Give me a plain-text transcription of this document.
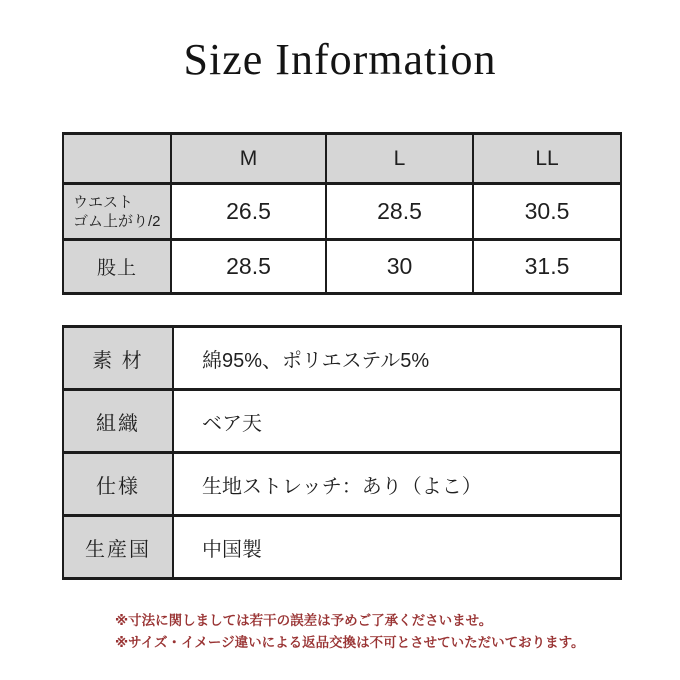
Size Information
	M	L	LL

ウエスト
ゴム上がり/2	26.5	28.5	30.5
股上	28.5	30	31.5
素 材	綿95%、ポリエステル5%
組織	ベア天
仕様	生地ストレッチ：あり（よこ）
生産国	中国製

※寸法に関しましては若干の誤差は予めご了承くださいませ。

※サイズ・イメージ違いによる返品交換は不可とさせていただいております。
